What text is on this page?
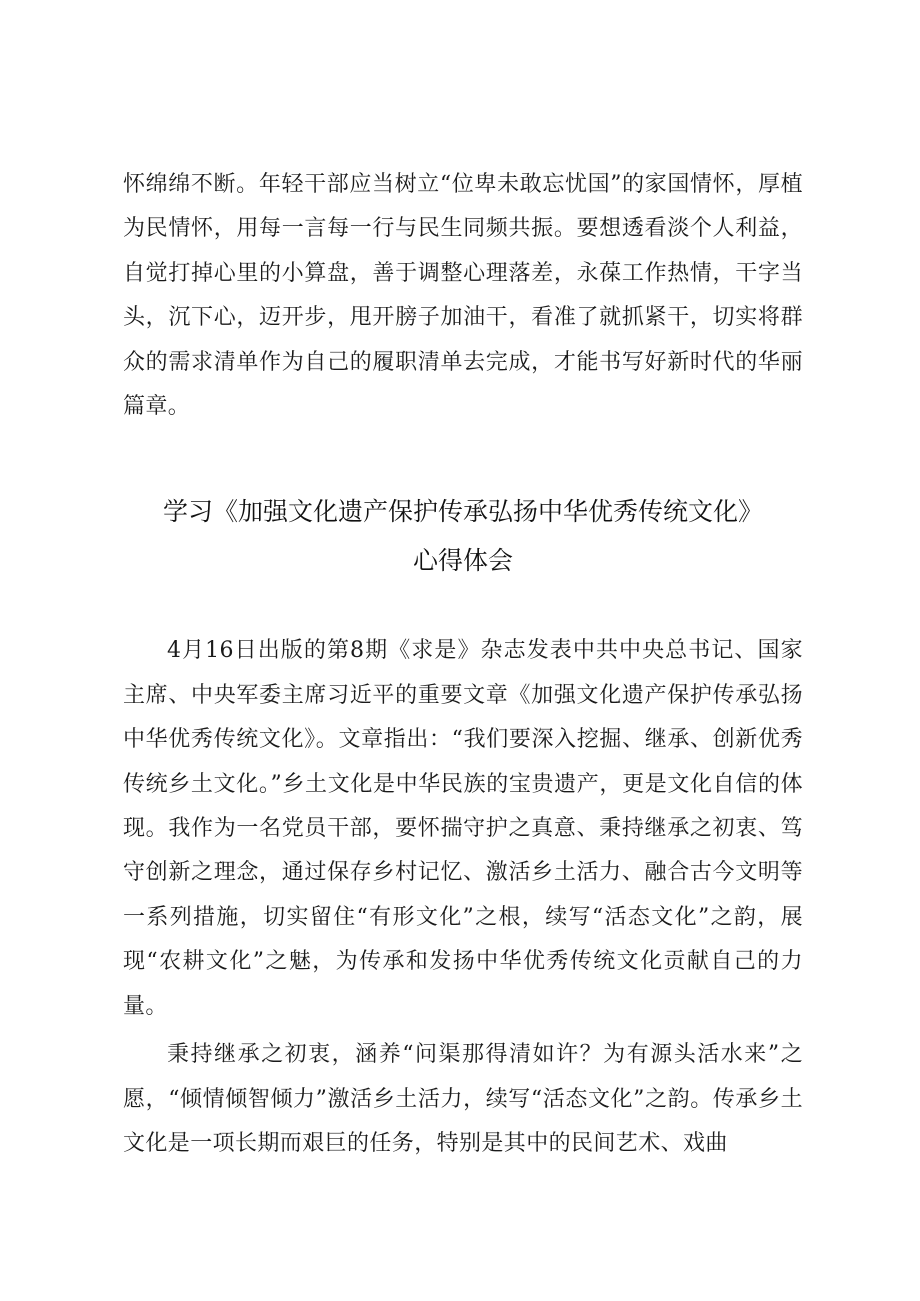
怀绵绵不断。年轻干部应当树立“位卑未敢忘忧国”的家国情怀，厚植为民情怀，用每一言每一行与民生同频共振。要想透看淡个人利益，自觉打掉心里的小算盘，善于调整心理落差，永葆工作热情，干字当头，沉下心，迈开步，甩开膀子加油干，看准了就抓紧干，切实将群众的需求清单作为自己的履职清单去完成，才能书写好新时代的华丽篇章。

学习《加强文化遗产保护传承弘扬中华优秀传统文化》
心得体会

4月16日出版的第8期《求是》杂志发表中共中央总书记、国家主席、中央军委主席习近平的重要文章《加强文化遗产保护传承弘扬中华优秀传统文化》。文章指出：“我们要深入挖掘、继承、创新优秀传统乡土文化。”乡土文化是中华民族的宝贵遗产，更是文化自信的体现。我作为一名党员干部，要怀揣守护之真意、秉持继承之初衷、笃守创新之理念，通过保存乡村记忆、激活乡土活力、融合古今文明等一系列措施，切实留住“有形文化”之根，续写“活态文化”之韵，展现“农耕文化”之魅，为传承和发扬中华优秀传统文化贡献自己的力量。

秉持继承之初衷，涵养“问渠那得清如许？为有源头活水来”之愿，“倾情倾智倾力”激活乡土活力，续写“活态文化”之韵。传承乡土文化是一项长期而艰巨的任务，特别是其中的民间艺术、戏曲
